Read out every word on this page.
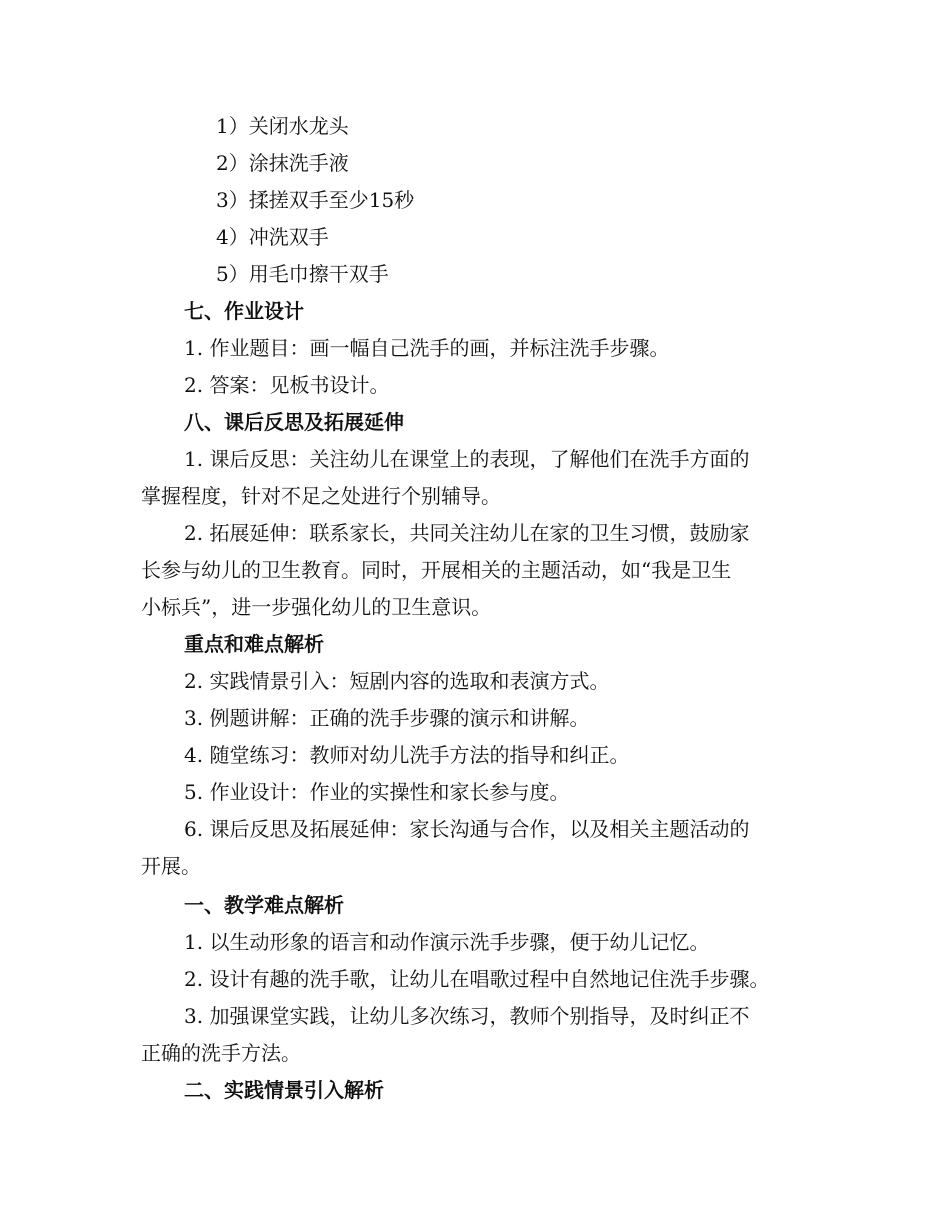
1）关闭水龙头
2）涂抹洗手液
3）揉搓双手至少15秒
4）冲洗双手
5）用毛巾擦干双手
七、作业设计
1. 作业题目：画一幅自己洗手的画，并标注洗手步骤。
2. 答案：见板书设计。
八、课后反思及拓展延伸
1. 课后反思：关注幼儿在课堂上的表现，了解他们在洗手方面的
掌握程度，针对不足之处进行个别辅导。
2. 拓展延伸：联系家长，共同关注幼儿在家的卫生习惯，鼓励家
长参与幼儿的卫生教育。同时，开展相关的主题活动，如“我是卫生
小标兵”，进一步强化幼儿的卫生意识。
重点和难点解析
2. 实践情景引入：短剧内容的选取和表演方式。
3. 例题讲解：正确的洗手步骤的演示和讲解。
4. 随堂练习：教师对幼儿洗手方法的指导和纠正。
5. 作业设计：作业的实操性和家长参与度。
6. 课后反思及拓展延伸：家长沟通与合作，以及相关主题活动的
开展。
一、教学难点解析
1. 以生动形象的语言和动作演示洗手步骤，便于幼儿记忆。
2. 设计有趣的洗手歌，让幼儿在唱歌过程中自然地记住洗手步骤。
3. 加强课堂实践，让幼儿多次练习，教师个别指导，及时纠正不
正确的洗手方法。
二、实践情景引入解析
